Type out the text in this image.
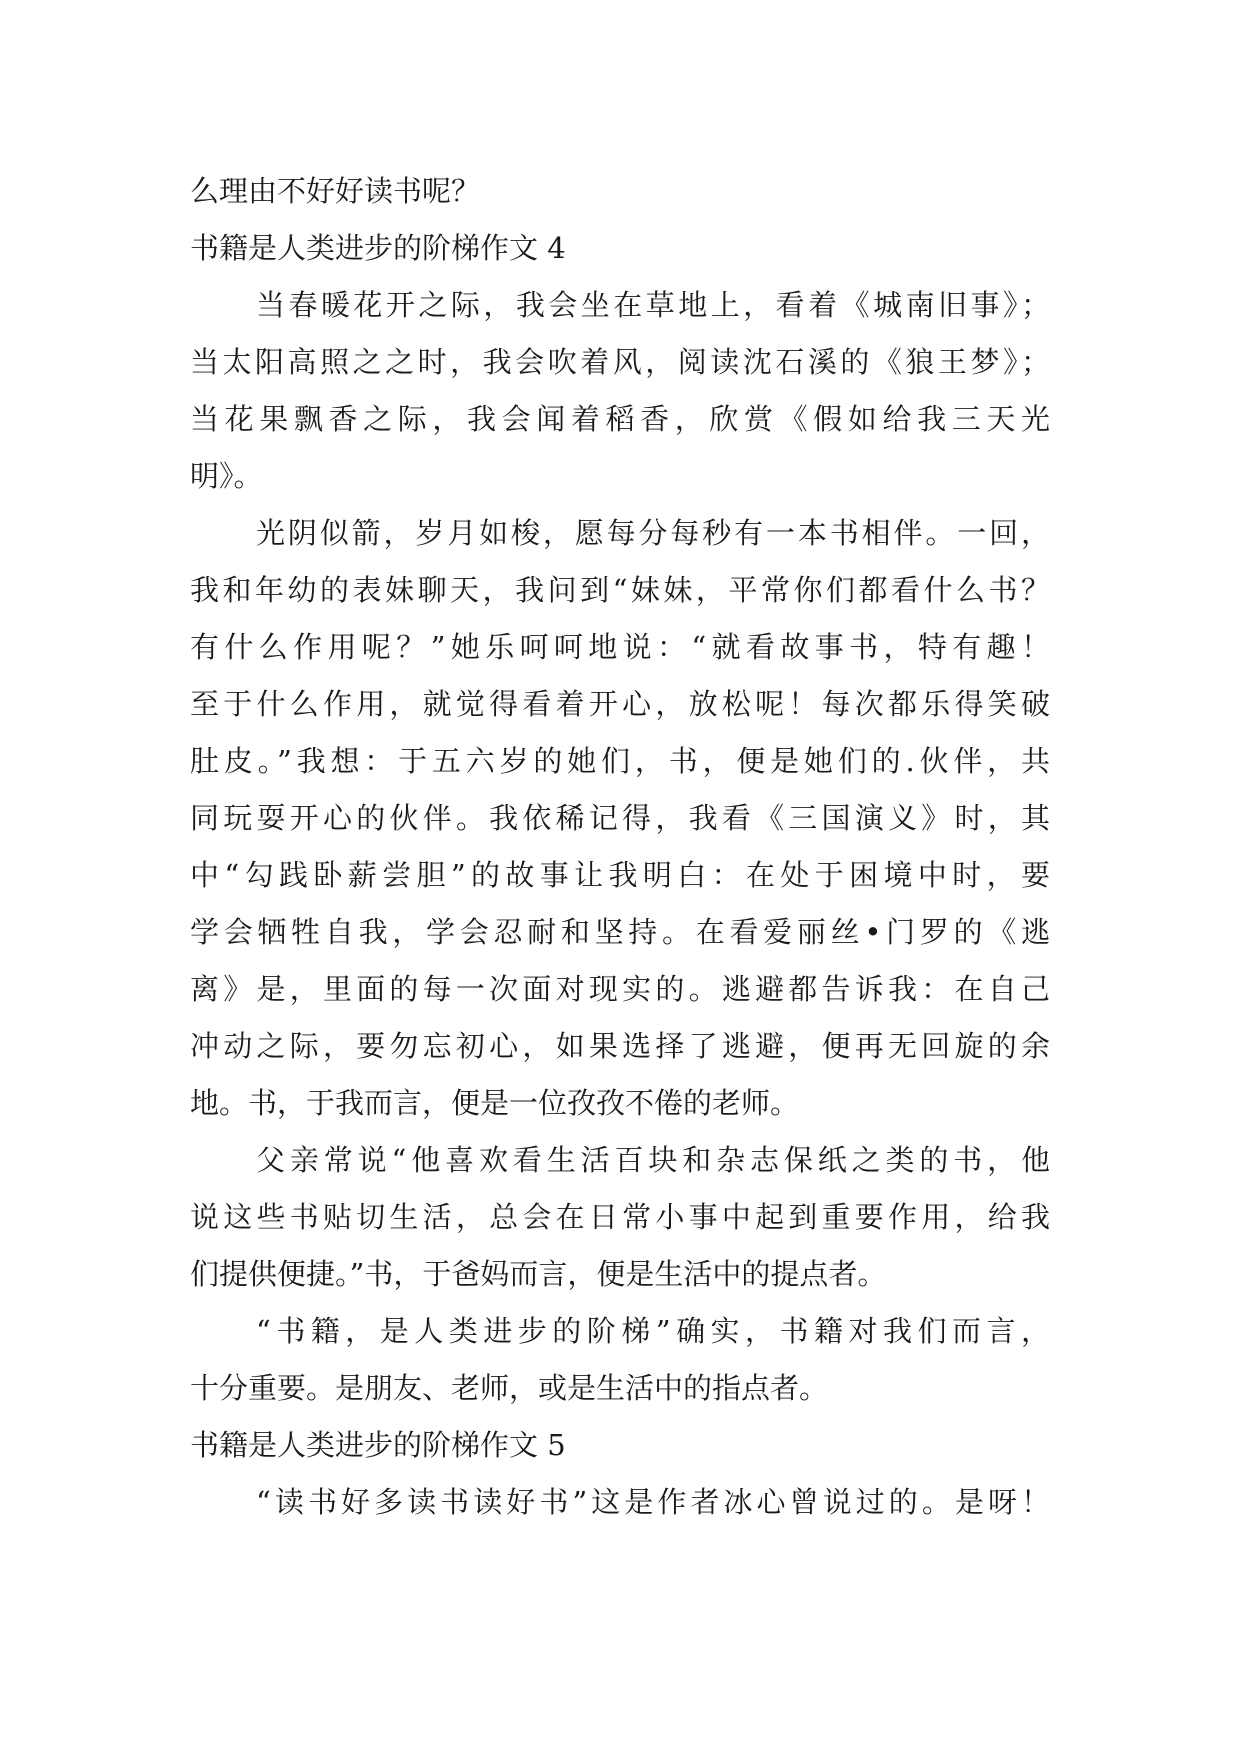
么理由不好好读书呢？
书籍是人类进步的阶梯作文 4
当春暖花开之际，我会坐在草地上，看着《城南旧事》；
当太阳高照之之时，我会吹着风，阅读沈石溪的《狼王梦》；
当花果飘香之际，我会闻着稻香，欣赏《假如给我三天光
明》。
光阴似箭，岁月如梭，愿每分每秒有一本书相伴。一回，
我和年幼的表妹聊天，我问到“妹妹，平常你们都看什么书？
有什么作用呢？”她乐呵呵地说：“就看故事书，特有趣！
至于什么作用，就觉得看着开心，放松呢！每次都乐得笑破
肚皮。”我想：于五六岁的她们，书，便是她们的.伙伴，共
同玩耍开心的伙伴。我依稀记得，我看《三国演义》时，其
中“勾践卧薪尝胆”的故事让我明白：在处于困境中时，要
学会牺牲自我，学会忍耐和坚持。在看爱丽丝•门罗的《逃
离》是，里面的每一次面对现实的。逃避都告诉我：在自己
冲动之际，要勿忘初心，如果选择了逃避，便再无回旋的余
地。书，于我而言，便是一位孜孜不倦的老师。
父亲常说“他喜欢看生活百块和杂志保纸之类的书，他
说这些书贴切生活，总会在日常小事中起到重要作用，给我
们提供便捷。”书，于爸妈而言，便是生活中的提点者。
“书籍，是人类进步的阶梯”确实，书籍对我们而言，
十分重要。是朋友、老师，或是生活中的指点者。
书籍是人类进步的阶梯作文 5
“读书好多读书读好书”这是作者冰心曾说过的。是呀！
